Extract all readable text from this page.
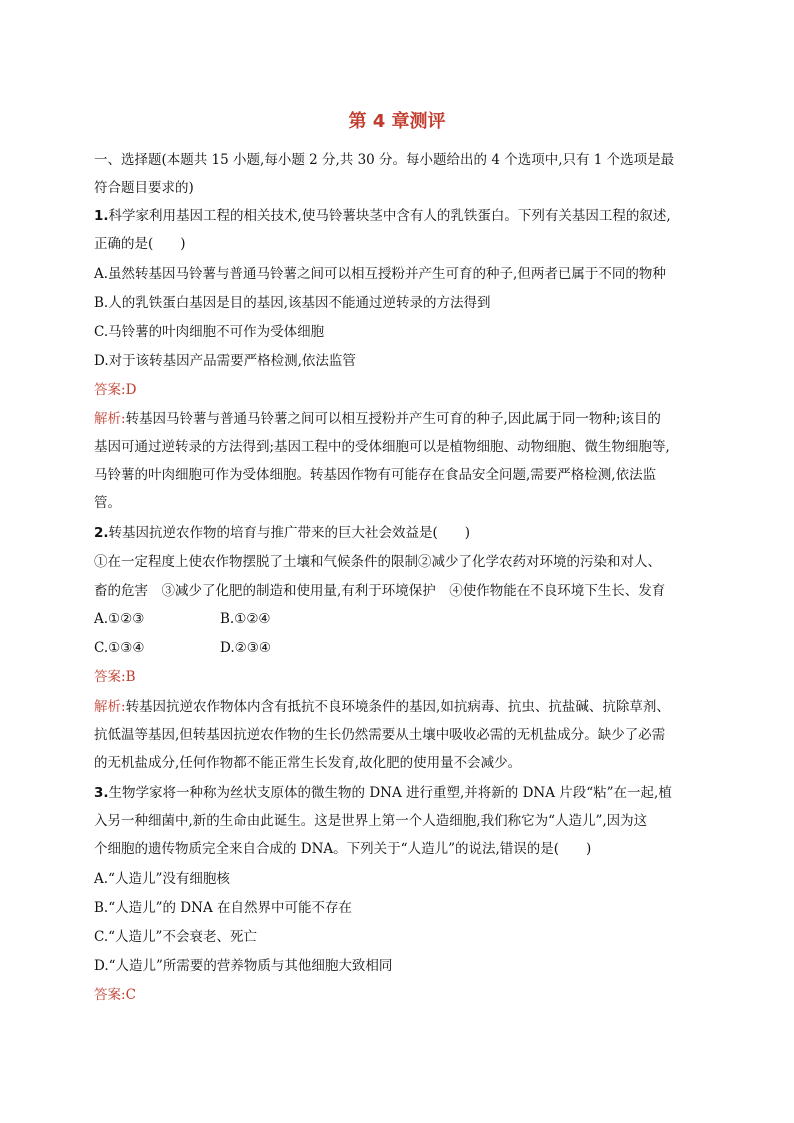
第 4 章测评
一、选择题(本题共 15 小题,每小题 2 分,共 30 分。每小题给出的 4 个选项中,只有 1 个选项是最
符合题目要求的)
1.科学家利用基因工程的相关技术,使马铃薯块茎中含有人的乳铁蛋白。下列有关基因工程的叙述,
正确的是(　　)
A.虽然转基因马铃薯与普通马铃薯之间可以相互授粉并产生可育的种子,但两者已属于不同的物种
B.人的乳铁蛋白基因是目的基因,该基因不能通过逆转录的方法得到
C.马铃薯的叶肉细胞不可作为受体细胞
D.对于该转基因产品需要严格检测,依法监管
答案:D
解析:转基因马铃薯与普通马铃薯之间可以相互授粉并产生可育的种子,因此属于同一物种;该目的
基因可通过逆转录的方法得到;基因工程中的受体细胞可以是植物细胞、动物细胞、微生物细胞等,
马铃薯的叶肉细胞可作为受体细胞。转基因作物有可能存在食品安全问题,需要严格检测,依法监
管。
2.转基因抗逆农作物的培育与推广带来的巨大社会效益是(　　)
①在一定程度上使农作物摆脱了土壤和气候条件的限制②减少了化学农药对环境的污染和对人、
畜的危害　③减少了化肥的制造和使用量,有利于环境保护　④使作物能在不良环境下生长、发育
A.①②③	B.①②④
C.①③④	D.②③④
答案:B
解析:转基因抗逆农作物体内含有抵抗不良环境条件的基因,如抗病毒、抗虫、抗盐碱、抗除草剂、
抗低温等基因,但转基因抗逆农作物的生长仍然需要从土壤中吸收必需的无机盐成分。缺少了必需
的无机盐成分,任何作物都不能正常生长发育,故化肥的使用量不会减少。
3.生物学家将一种称为丝状支原体的微生物的 DNA 进行重塑,并将新的 DNA 片段“粘”在一起,植
入另一种细菌中,新的生命由此诞生。这是世界上第一个人造细胞,我们称它为“人造儿”,因为这
个细胞的遗传物质完全来自合成的 DNA。下列关于“人造儿”的说法,错误的是(　　)
A.“人造儿”没有细胞核
B.“人造儿”的 DNA 在自然界中可能不存在
C.“人造儿”不会衰老、死亡
D.“人造儿”所需要的营养物质与其他细胞大致相同
答案:C
